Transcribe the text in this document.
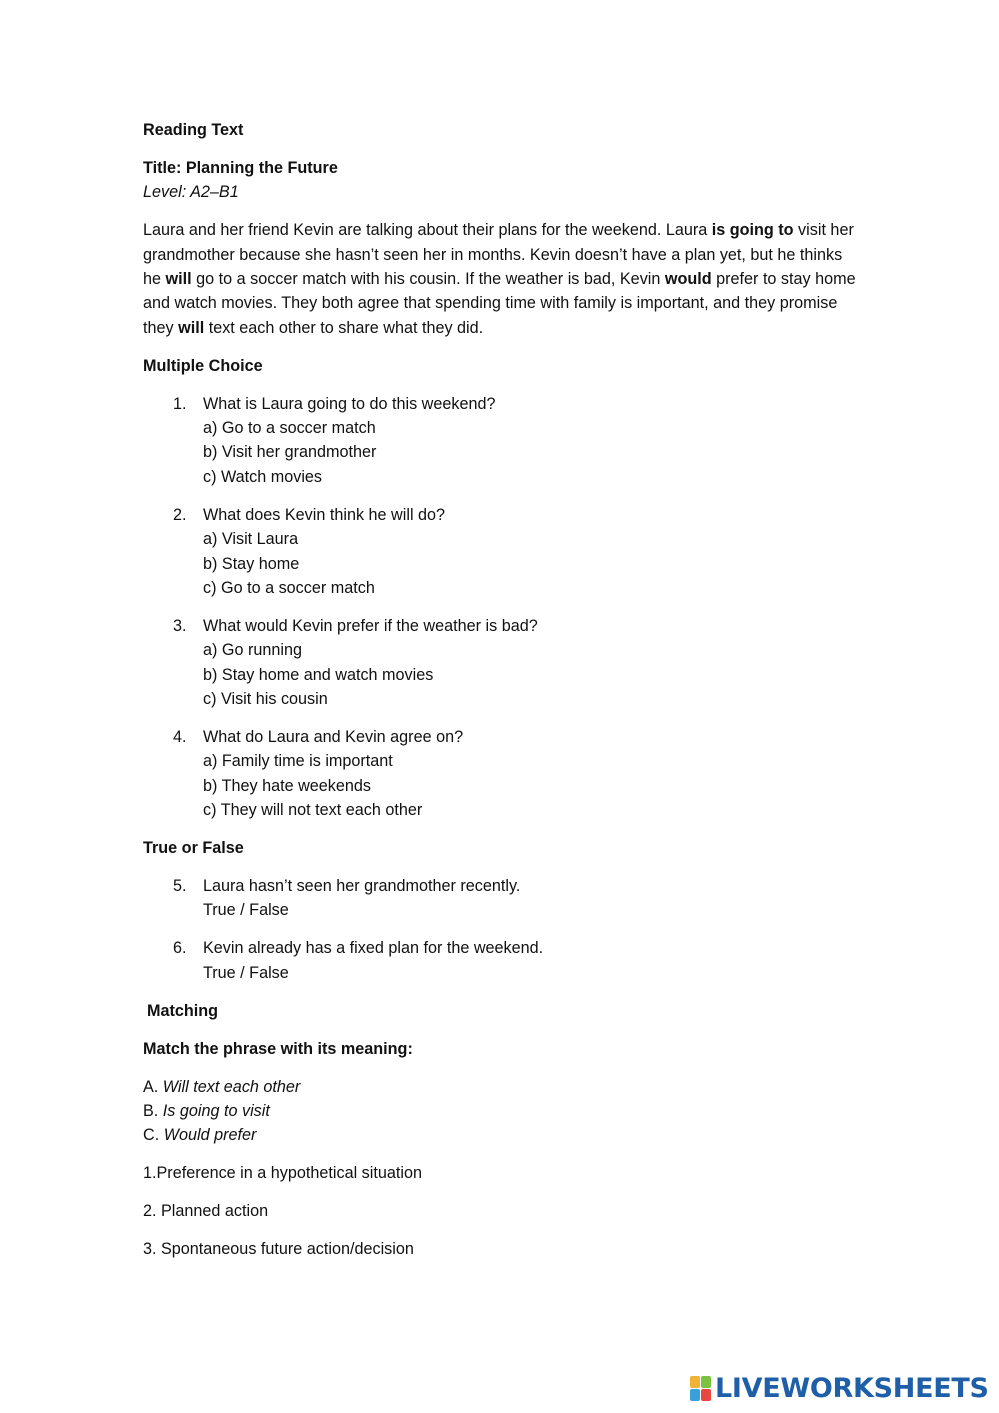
Reading Text

Title: Planning the Future

Level: A2–B1

Laura and her friend Kevin are talking about their plans for the weekend. Laura is going to visit her grandmother because she hasn’t seen her in months. Kevin doesn’t have a plan yet, but he thinks he will go to a soccer match with his cousin. If the weather is bad, Kevin would prefer to stay home and watch movies. They both agree that spending time with family is important, and they promise they will text each other to share what they did.

Multiple Choice

1.	What is Laura going to do this weekend?
a) Go to a soccer match
b) Visit her grandmother
c) Watch movies
2.	What does Kevin think he will do?
a) Visit Laura
b) Stay home
c) Go to a soccer match
3.	What would Kevin prefer if the weather is bad?
a) Go running
b) Stay home and watch movies
c) Visit his cousin
4.	What do Laura and Kevin agree on?
a) Family time is important
b) They hate weekends
c) They will not text each other

True or False

5.	Laura hasn’t seen her grandmother recently.
True / False
6.	Kevin already has a fixed plan for the weekend.
True / False

Matching

Match the phrase with its meaning:

A. Will text each other
B. Is going to visit
C. Would prefer

1.Preference in a hypothetical situation

2. Planned action

3. Spontaneous future action/decision

LIVEWORKSHEETS
